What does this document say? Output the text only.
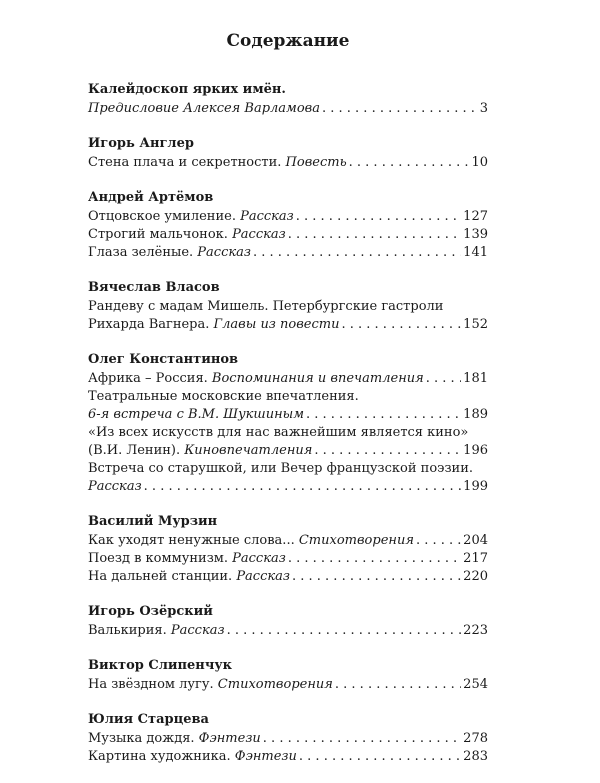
Содержание
Калейдоскоп ярких имён.
Предисловие Алексея Варламова . . .	3
Игорь Англер
Стена плача и секретности. Повесть . . .	10
Андрей Артёмов
Отцовское умиление. Рассказ . . .	127
Строгий мальчонок. Рассказ . . .	139
Глаза зелёные. Рассказ . . .	141
Вячеслав Власов
Рандеву с мадам Мишель. Петербургские гастроли
Рихарда Вагнера. Главы из повести . . .	152
Олег Константинов
Африка – Россия. Воспоминания и впечатления . . .	181
Театральные московские впечатления.
6-я встреча с В.М. Шукшиным . . .	189
«Из всех искусств для нас важнейшим является кино»
(В.И. Ленин). Киновпечатления . . .	196
Встреча со старушкой, или Вечер французской поэзии.
Рассказ . . .	199
Василий Мурзин
Как уходят ненужные слова... Стихотворения . . .	204
Поезд в коммунизм. Рассказ . . .	217
На дальней станции. Рассказ . . .	220
Игорь Озёрский
Валькирия. Рассказ . . .	223
Виктор Слипенчук
На звёздном лугу. Стихотворения . . .	254
Юлия Старцева
Музыка дождя. Фэнтези . . .	278
Картина художника. Фэнтези . . .	283
